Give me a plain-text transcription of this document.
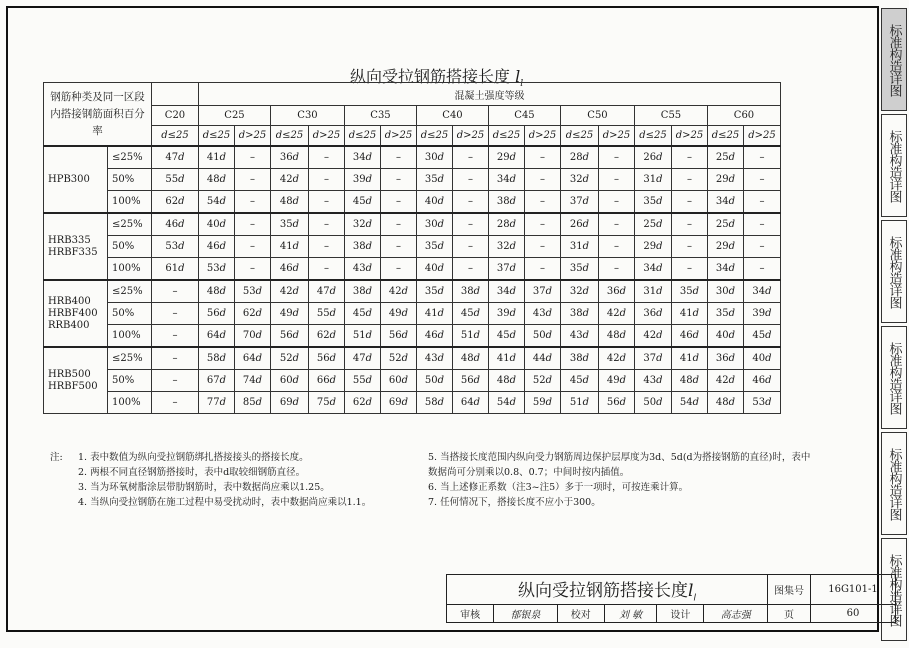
标准构造详图
标准构造详图
标准构造详图
标准构造详图
标准构造详图
标准构造详图
纵向受拉钢筋搭接长度 $l_l$
钢筋种类及同一区段内搭接钢筋面积百分率			混凝土强度等级															
		C20	C25		C30		C35		C40		C45		C50		C55		C60	
		d≤25	d≤25	d>25	d≤25	d>25	d≤25	d>25	d≤25	d>25	d≤25	d>25	d≤25	d>25	d≤25	d>25	d≤25	d>25
HPB300	≤25%	47d	41d	–	36d	–	34d	–	30d	–	29d	–	28d	–	26d	–	25d	–
	50%	55d	48d	–	42d	–	39d	–	35d	–	34d	–	32d	–	31d	–	29d	–
	100%	62d	54d	–	48d	–	45d	–	40d	–	38d	–	37d	–	35d	–	34d	–
HRB335
HRBF335	≤25%	46d	40d	–	35d	–	32d	–	30d	–	28d	–	26d	–	25d	–	25d	–
	50%	53d	46d	–	41d	–	38d	–	35d	–	32d	–	31d	–	29d	–	29d	–
	100%	61d	53d	–	46d	–	43d	–	40d	–	37d	–	35d	–	34d	–	34d	–
HRB400
HRBF400
RRB400	≤25%	–	48d	53d	42d	47d	38d	42d	35d	38d	34d	37d	32d	36d	31d	35d	30d	34d
	50%	–	56d	62d	49d	55d	45d	49d	41d	45d	39d	43d	38d	42d	36d	41d	35d	39d
	100%	–	64d	70d	56d	62d	51d	56d	46d	51d	45d	50d	43d	48d	42d	46d	40d	45d
HRB500
HRBF500	≤25%	–	58d	64d	52d	56d	47d	52d	43d	48d	41d	44d	38d	42d	37d	41d	36d	40d
	50%	–	67d	74d	60d	66d	55d	60d	50d	56d	48d	52d	45d	49d	43d	48d	42d	46d
	100%	–	77d	85d	69d	75d	62d	69d	58d	64d	54d	59d	51d	56d	50d	54d	48d	53d
注: 1. 表中数值为纵向受拉钢筋绑扎搭接接头的搭接长度。
2. 两根不同直径钢筋搭接时，表中d取较细钢筋直径。
3. 当为环氧树脂涂层带肋钢筋时，表中数据尚应乘以1.25。
4. 当纵向受拉钢筋在施工过程中易受扰动时，表中数据尚应乘以1.1。
5. 当搭接长度范围内纵向受力钢筋周边保护层厚度为3d、5d(d为搭接钢筋的直径)时，表中数据尚可分别乘以0.8、0.7；中间时按内插值。
6. 当上述修正系数（注3~注5）多于一项时，可按连乘计算。
7. 任何情况下，搭接长度不应小于300。
纵向受拉钢筋搭接长度$l_l$						图集号	16G101-1
审核	郁银泉	校对	刘 敏	设计	高志强	页	60
